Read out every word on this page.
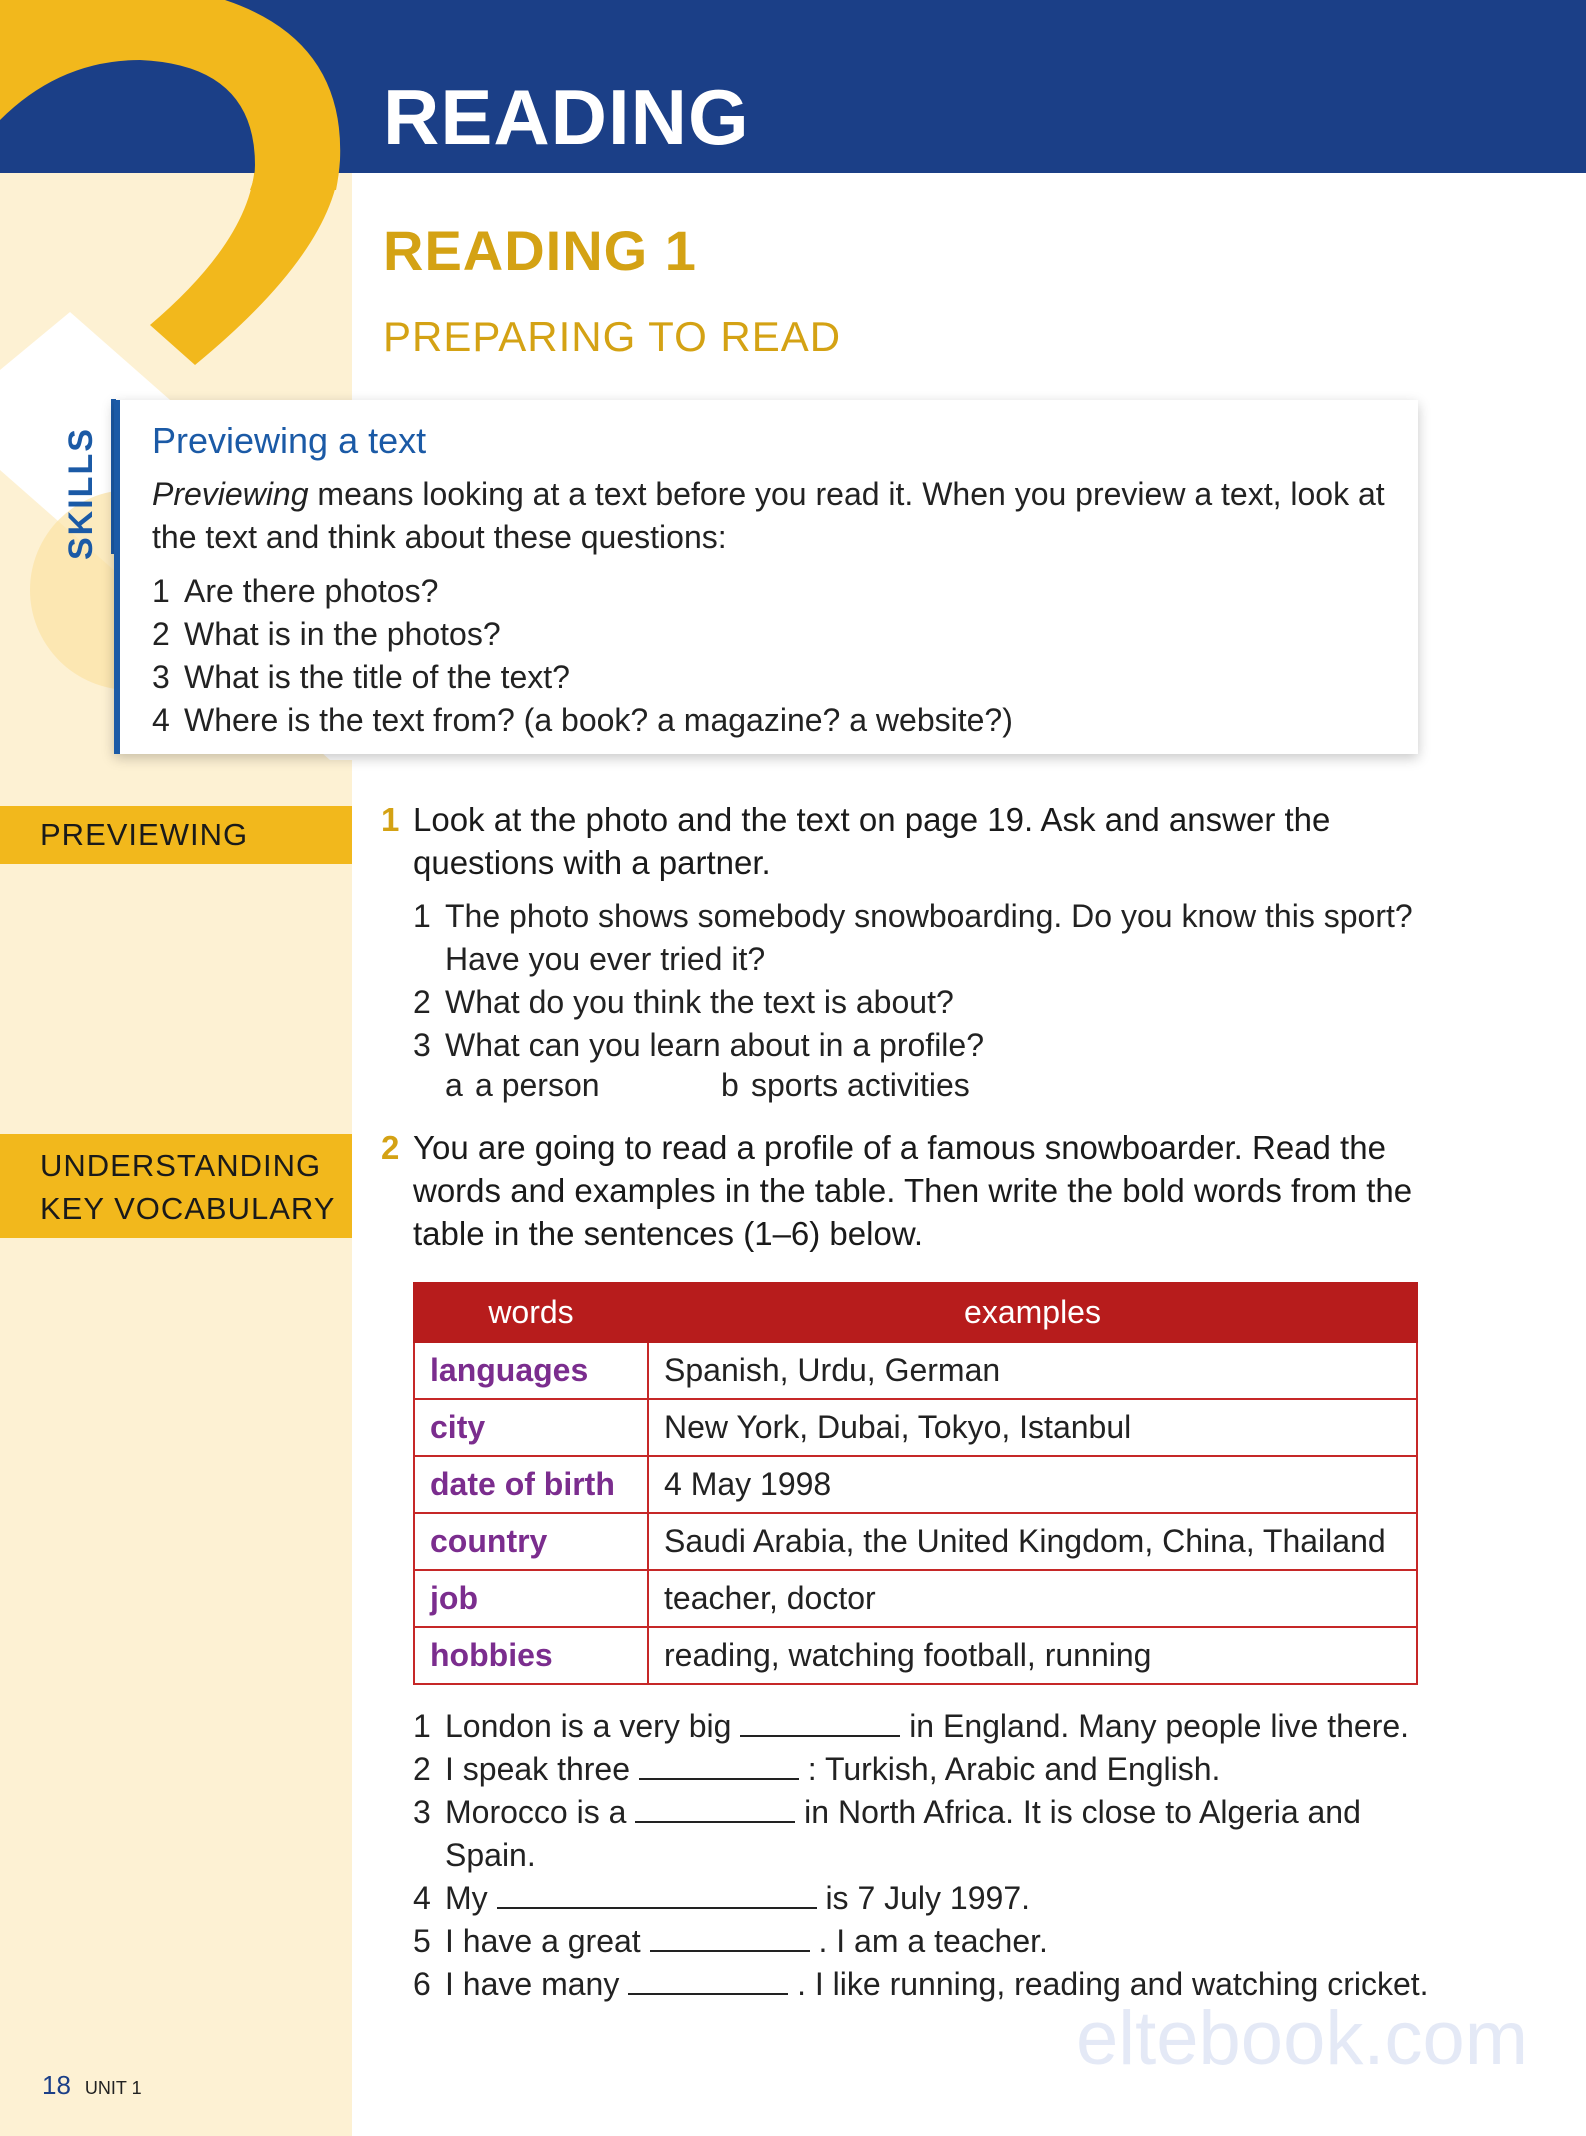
READING
READING 1
PREPARING TO READ
SKILLS Previewing a text
Previewing means looking at a text before you read it. When you preview a text, look at the text and think about these questions:
1 Are there photos?
2 What is in the photos?
3 What is the title of the text?
4 Where is the text from? (a book? a magazine? a website?)
PREVIEWING
UNDERSTANDING
KEY VOCABULARY
1 Look at the photo and the text on page 19. Ask and answer the questions with a partner.
1 The photo shows somebody snowboarding. Do you know this sport? Have you ever tried it?
2 What do you think the text is about?
3 What can you learn about in a profile?
a a person	b sports activities
2 You are going to read a profile of a famous snowboarder. Read the words and examples in the table. Then write the bold words from the table in the sentences (1–6) below.
words	examples
languages	Spanish, Urdu, German
city	New York, Dubai, Tokyo, Istanbul
date of birth	4 May 1998
country	Saudi Arabia, the United Kingdom, China, Thailand
job	teacher, doctor
hobbies	reading, watching football, running
1 London is a very big	in England. Many people live there.
2 I speak three	: Turkish, Arabic and English.
3 Morocco is a	in North Africa. It is close to Algeria and Spain.
4 My	is 7 July 1997.
5 I have a great	. I am a teacher.
6 I have many	. I like running, reading and watching cricket.
eltebook.com
18 UNIT 1
